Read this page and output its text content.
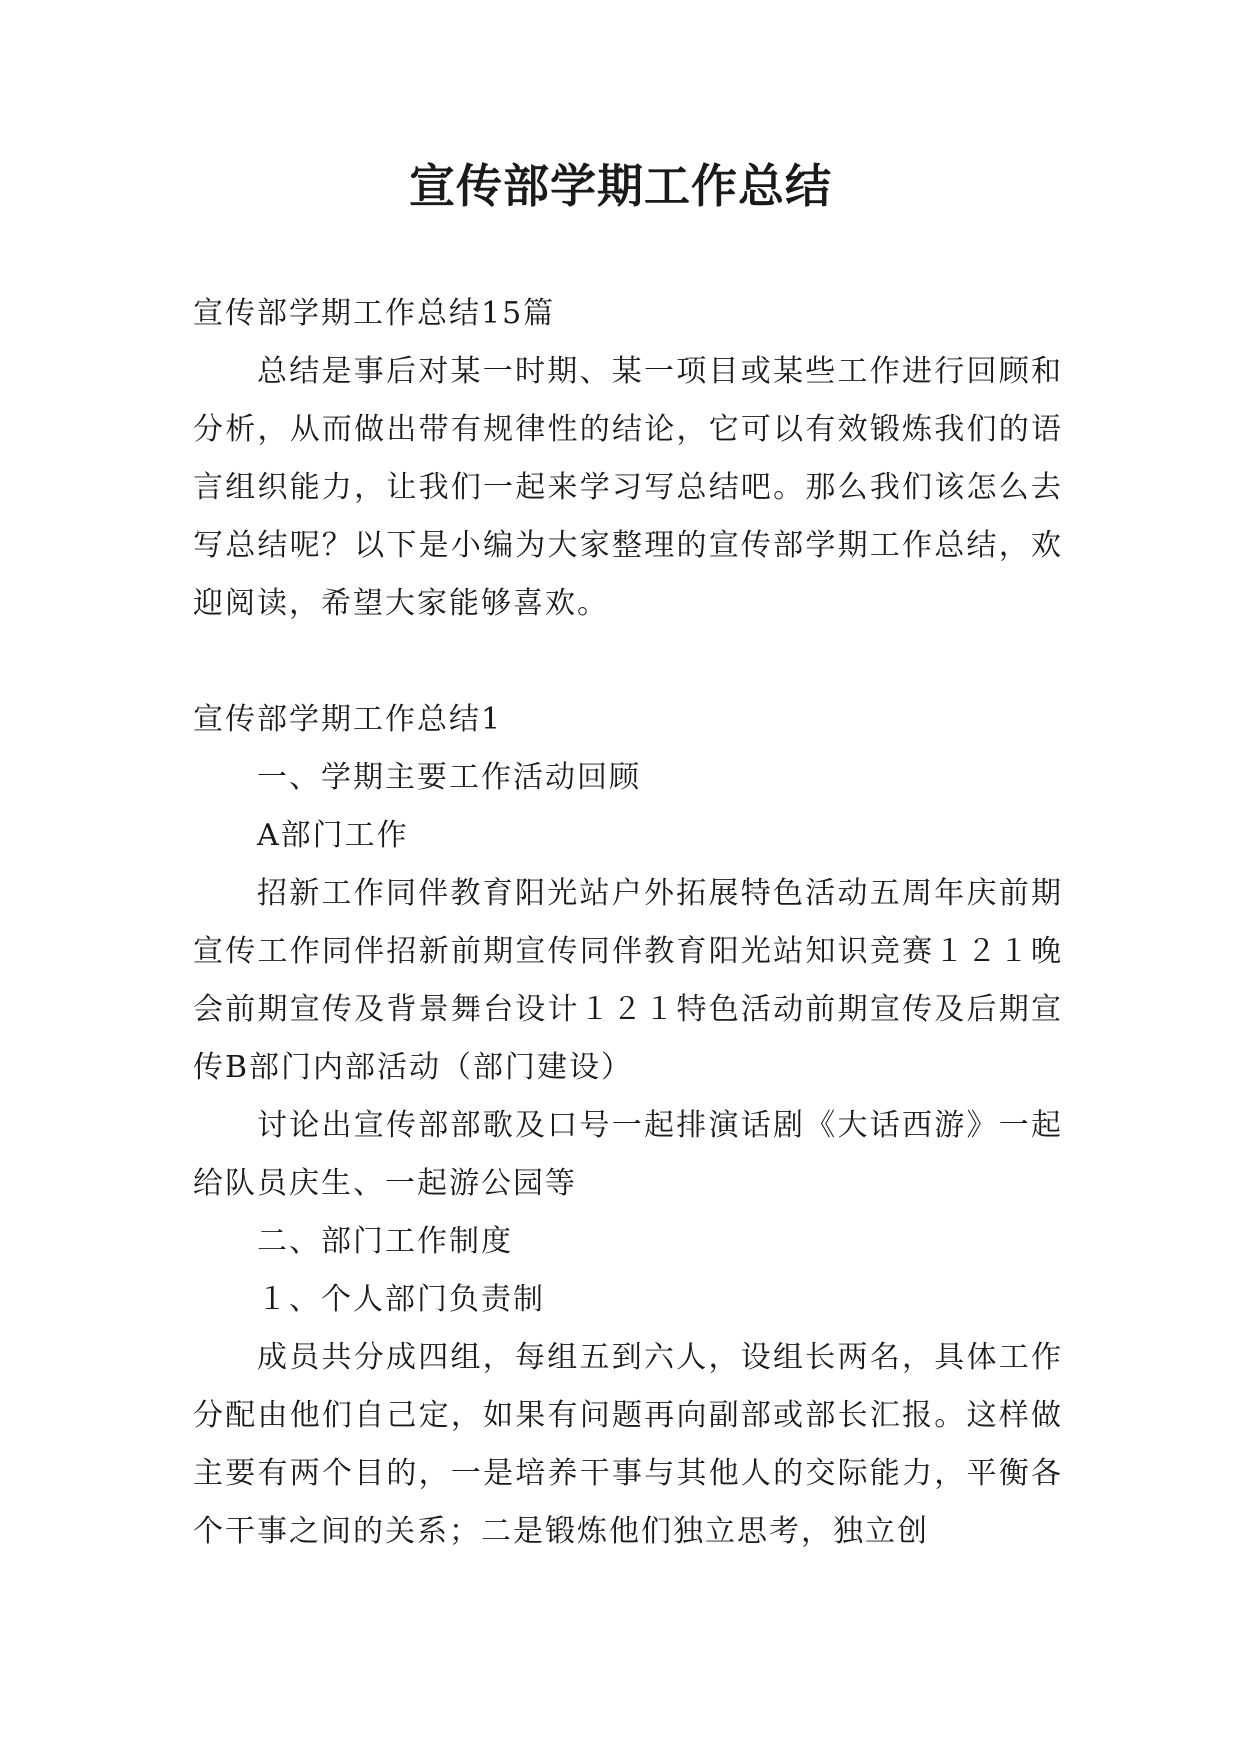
宣传部学期工作总结

宣传部学期工作总结15篇

总结是事后对某一时期、某一项目或某些工作进行回顾和分析，从而做出带有规律性的结论，它可以有效锻炼我们的语言组织能力，让我们一起来学习写总结吧。那么我们该怎么去写总结呢？以下是小编为大家整理的宣传部学期工作总结，欢迎阅读，希望大家能够喜欢。

宣传部学期工作总结1

一、学期主要工作活动回顾

A部门工作

招新工作同伴教育阳光站户外拓展特色活动五周年庆前期宣传工作同伴招新前期宣传同伴教育阳光站知识竞赛１２１晚会前期宣传及背景舞台设计１２１特色活动前期宣传及后期宣传B部门内部活动（部门建设）

讨论出宣传部部歌及口号一起排演话剧《大话西游》一起给队员庆生、一起游公园等

二、部门工作制度

１、个人部门负责制

成员共分成四组，每组五到六人，设组长两名，具体工作分配由他们自己定，如果有问题再向副部或部长汇报。这样做主要有两个目的，一是培养干事与其他人的交际能力，平衡各个干事之间的关系；二是锻炼他们独立思考，独立创
